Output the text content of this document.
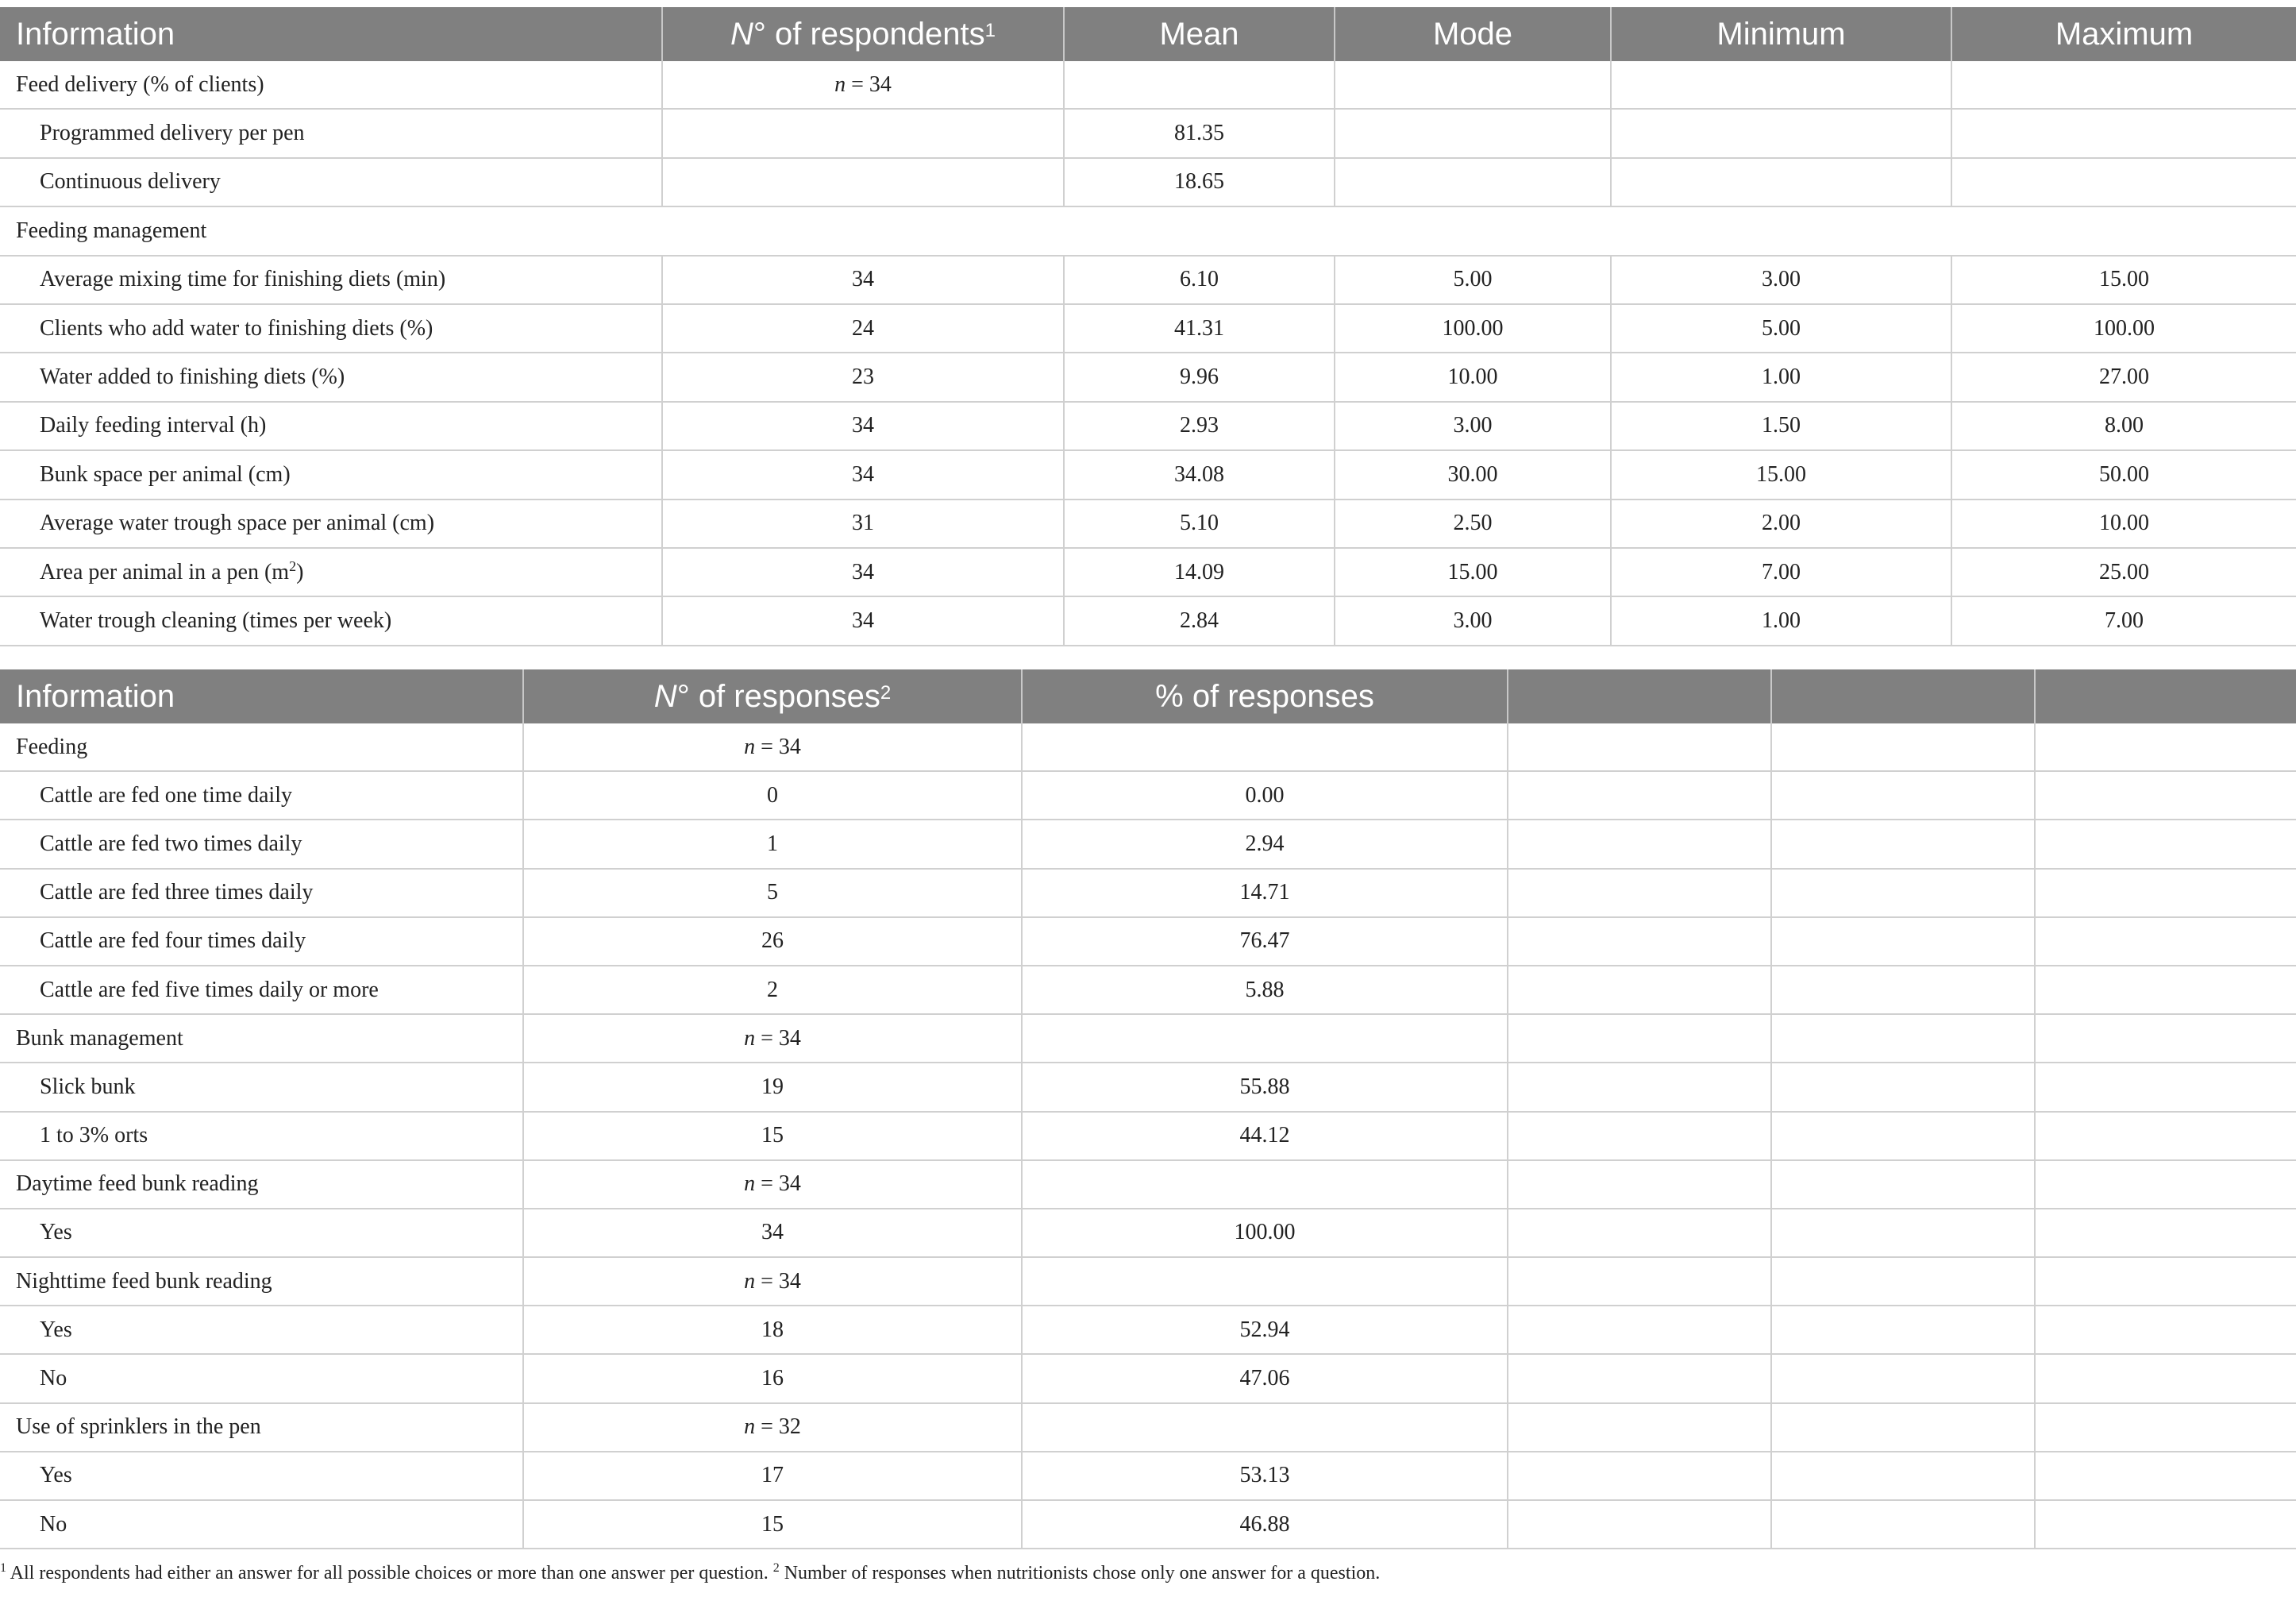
Information	N° of respondents$^1$	Mean	Mode	Minimum	Maximum
Feed delivery (% of clients)	n = 34				
Programmed delivery per pen		81.35			
Continuous delivery		18.65			
Feeding management					
Average mixing time for finishing diets (min)	34	6.10	5.00	3.00	15.00
Clients who add water to finishing diets (%)	24	41.31	100.00	5.00	100.00
Water added to finishing diets (%)	23	9.96	10.00	1.00	27.00
Daily feeding interval (h)	34	2.93	3.00	1.50	8.00
Bunk space per animal (cm)	34	34.08	30.00	15.00	50.00
Average water trough space per animal (cm)	31	5.10	2.50	2.00	10.00
Area per animal in a pen $(m^2)$	34	14.09	15.00	7.00	25.00
Water trough cleaning (times per week)	34	2.84	3.00	1.00	7.00
Information	N° of responses$^2$	% of responses			
Feeding	n = 34				
Cattle are fed one time daily	0	0.00			
Cattle are fed two times daily	1	2.94			
Cattle are fed three times daily	5	14.71			
Cattle are fed four times daily	26	76.47			
Cattle are fed five times daily or more	2	5.88			
Bunk management	n = 34				
Slick bunk	19	55.88			
1 to 3% orts	15	44.12			
Daytime feed bunk reading	n = 34				
Yes	34	100.00			
Nighttime feed bunk reading	n = 34				
Yes	18	52.94			
No	16	47.06			
Use of sprinklers in the pen	n = 32				
Yes	17	53.13			
No	15	46.88			
$^1$ All respondents had either an answer for all possible choices or more than one answer per question. $^2$ Number of responses when nutritionists chose only one answer for a question.
